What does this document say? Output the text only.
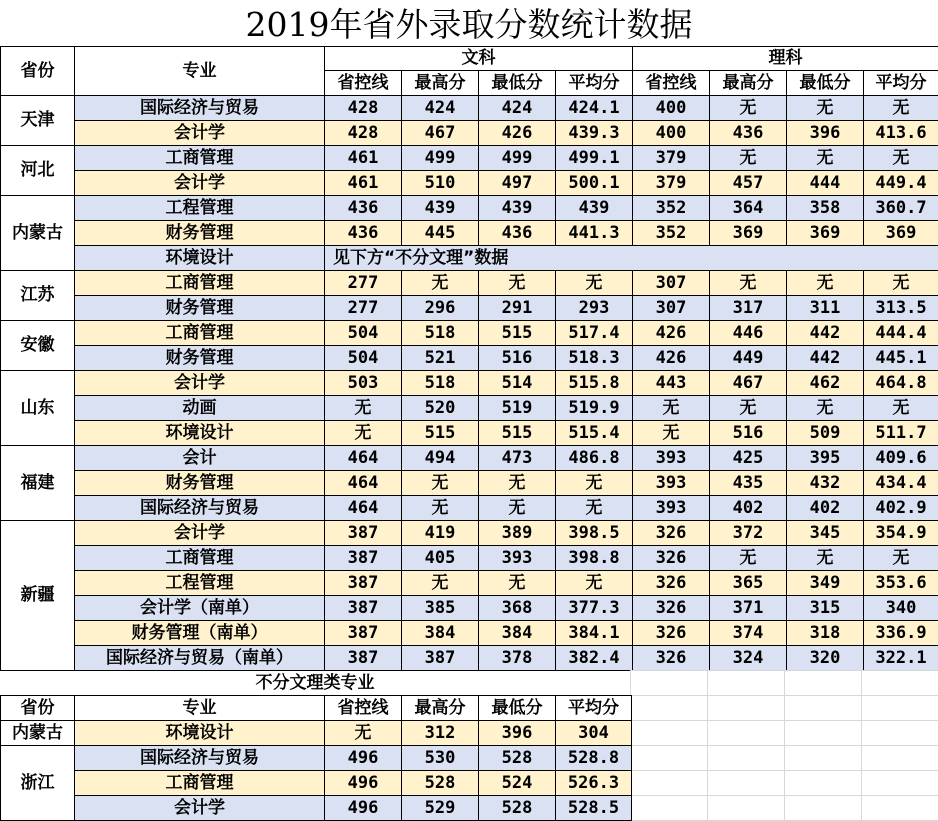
2019年省外录取分数统计数据
省份	专业	文科				理科			
		省控线	最高分	最低分	平均分	省控线	最高分	最低分	平均分
天津	国际经济与贸易	428	424	424	424.1	400	无	无	无
	会计学	428	467	426	439.3	400	436	396	413.6
河北	工商管理	461	499	499	499.1	379	无	无	无
	会计学	461	510	497	500.1	379	457	444	449.4
内蒙古	工程管理	436	439	439	439	352	364	358	360.7
	财务管理	436	445	436	441.3	352	369	369	369
	环境设计	见下方“不分文理”数据							
江苏	工商管理	277	无	无	无	307	无	无	无
	财务管理	277	296	291	293	307	317	311	313.5
安徽	工商管理	504	518	515	517.4	426	446	442	444.4
	财务管理	504	521	516	518.3	426	449	442	445.1
山东	会计学	503	518	514	515.8	443	467	462	464.8
	动画	无	520	519	519.9	无	无	无	无
	环境设计	无	515	515	515.4	无	516	509	511.7
福建	会计	464	494	473	486.8	393	425	395	409.6
	财务管理	464	无	无	无	393	435	432	434.4
	国际经济与贸易	464	无	无	无	393	402	402	402.9
新疆	会计学	387	419	389	398.5	326	372	345	354.9
	工商管理	387	405	393	398.8	326	无	无	无
	工程管理	387	无	无	无	326	365	349	353.6
	会计学（南单）	387	385	368	377.3	326	371	315	340
	财务管理（南单）	387	384	384	384.1	326	374	318	336.9
	国际经济与贸易（南单）	387	387	378	382.4	326	324	320	322.1
不分文理类专业
省份	专业	省控线	最高分	最低分	平均分
内蒙古	环境设计	无	312	396	304
浙江	国际经济与贸易	496	530	528	528.8
	工商管理	496	528	524	526.3
	会计学	496	529	528	528.5
